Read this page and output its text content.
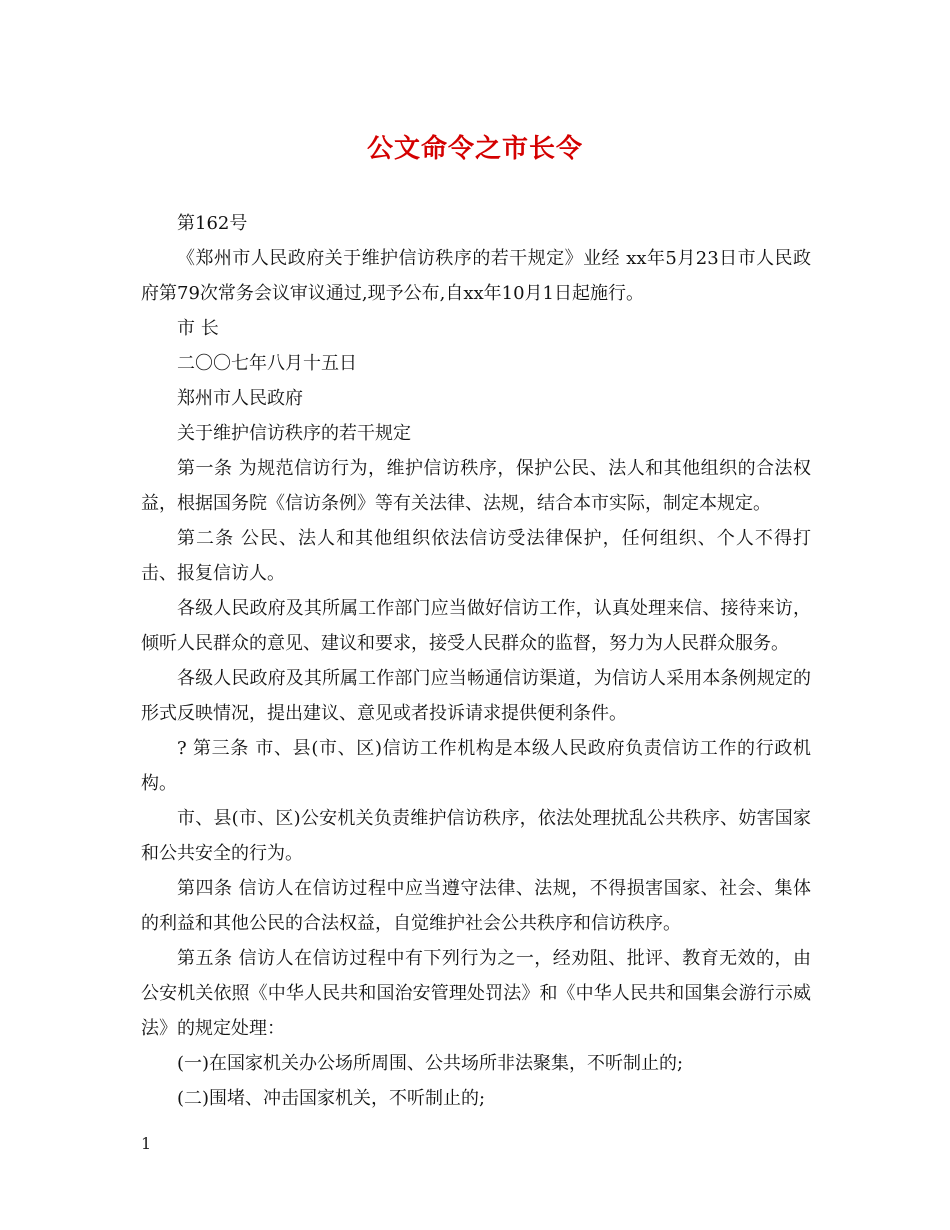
公文命令之市长令

第162号

《郑州市人民政府关于维护信访秩序的若干规定》业经 xx年5月23日市人民政府第79次常务会议审议通过,现予公布,自xx年10月1日起施行。

市 长

二〇〇七年八月十五日

郑州市人民政府

关于维护信访秩序的若干规定

第一条 为规范信访行为，维护信访秩序，保护公民、法人和其他组织的合法权益，根据国务院《信访条例》等有关法律、法规，结合本市实际，制定本规定。

第二条 公民、法人和其他组织依法信访受法律保护，任何组织、个人不得打击、报复信访人。

各级人民政府及其所属工作部门应当做好信访工作，认真处理来信、接待来访，倾听人民群众的意见、建议和要求，接受人民群众的监督，努力为人民群众服务。

各级人民政府及其所属工作部门应当畅通信访渠道，为信访人采用本条例规定的形式反映情况，提出建议、意见或者投诉请求提供便利条件。

? 第三条 市、县(市、区)信访工作机构是本级人民政府负责信访工作的行政机构。

市、县(市、区)公安机关负责维护信访秩序，依法处理扰乱公共秩序、妨害国家和公共安全的行为。

第四条 信访人在信访过程中应当遵守法律、法规，不得损害国家、社会、集体的利益和其他公民的合法权益，自觉维护社会公共秩序和信访秩序。

第五条 信访人在信访过程中有下列行为之一，经劝阻、批评、教育无效的，由公安机关依照《中华人民共和国治安管理处罚法》和《中华人民共和国集会游行示威法》的规定处理：

(一)在国家机关办公场所周围、公共场所非法聚集，不听制止的;

(二)围堵、冲击国家机关，不听制止的;

1
